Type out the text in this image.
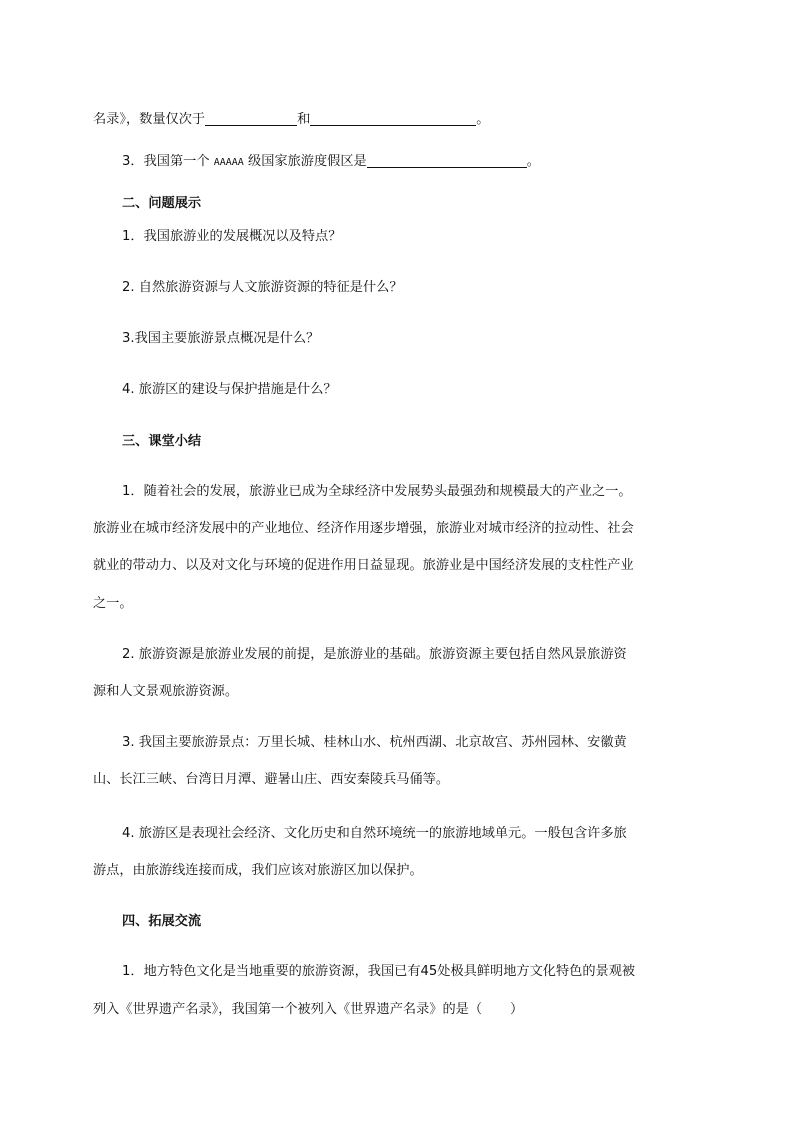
名录》，数量仅次于	和	。
3．我国第一个 AAAAA 级国家旅游度假区是	。
二、问题展示
1．我国旅游业的发展概况以及特点？
2. 自然旅游资源与人文旅游资源的特征是什么？
3.我国主要旅游景点概况是什么？
4. 旅游区的建设与保护措施是什么？
三、课堂小结
1．随着社会的发展，旅游业已成为全球经济中发展势头最强劲和规模最大的产业之一。
旅游业在城市经济发展中的产业地位、经济作用逐步增强，旅游业对城市经济的拉动性、社会
就业的带动力、以及对文化与环境的促进作用日益显现。旅游业是中国经济发展的支柱性产业
之一。
2. 旅游资源是旅游业发展的前提，是旅游业的基础。旅游资源主要包括自然风景旅游资
源和人文景观旅游资源。
3. 我国主要旅游景点：万里长城、桂林山水、杭州西湖、北京故宫、苏州园林、安徽黄
山、长江三峡、台湾日月潭、避暑山庄、西安秦陵兵马俑等。
4. 旅游区是表现社会经济、文化历史和自然环境统一的旅游地域单元。一般包含许多旅
游点，由旅游线连接而成，我们应该对旅游区加以保护。
四、拓展交流
1．地方特色文化是当地重要的旅游资源，我国已有45处极具鲜明地方文化特色的景观被
列入《世界遗产名录》，我国第一个被列入《世界遗产名录》的是（ ）
